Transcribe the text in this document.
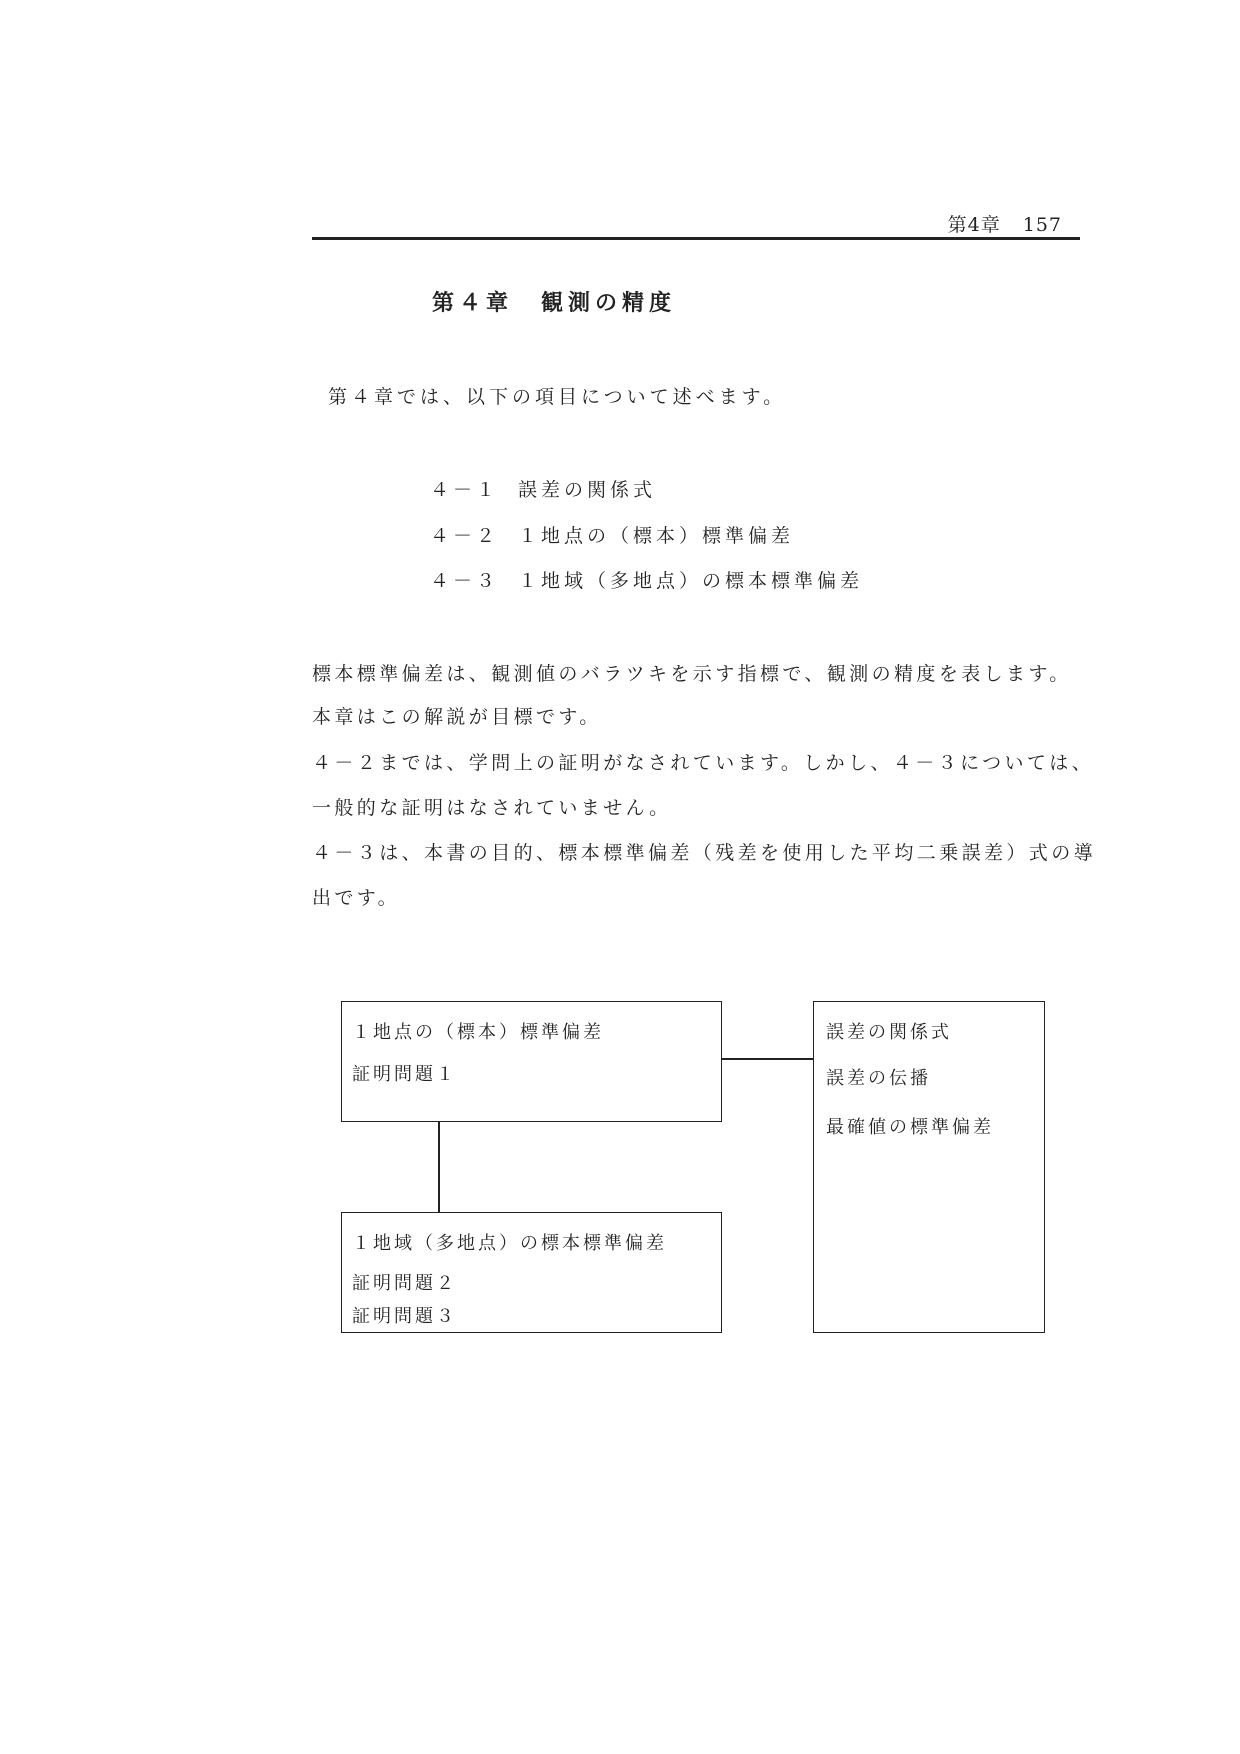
第4章 157
第４章 観測の精度
第４章では、以下の項目について述べます。
４－１ 誤差の関係式
４－２ １地点の（標本）標準偏差
４－３ １地域（多地点）の標本標準偏差
標本標準偏差は、観測値のバラツキを示す指標で、観測の精度を表します。
本章はこの解説が目標です。
４－２までは、学問上の証明がなされています。しかし、４－３については、
一般的な証明はなされていません。
４－３は、本書の目的、標本標準偏差（残差を使用した平均二乗誤差）式の導
出です。
１地点の（標本）標準偏差
証明問題１
１地域（多地点）の標本標準偏差
証明問題２
証明問題３
誤差の関係式
誤差の伝播
最確値の標準偏差
